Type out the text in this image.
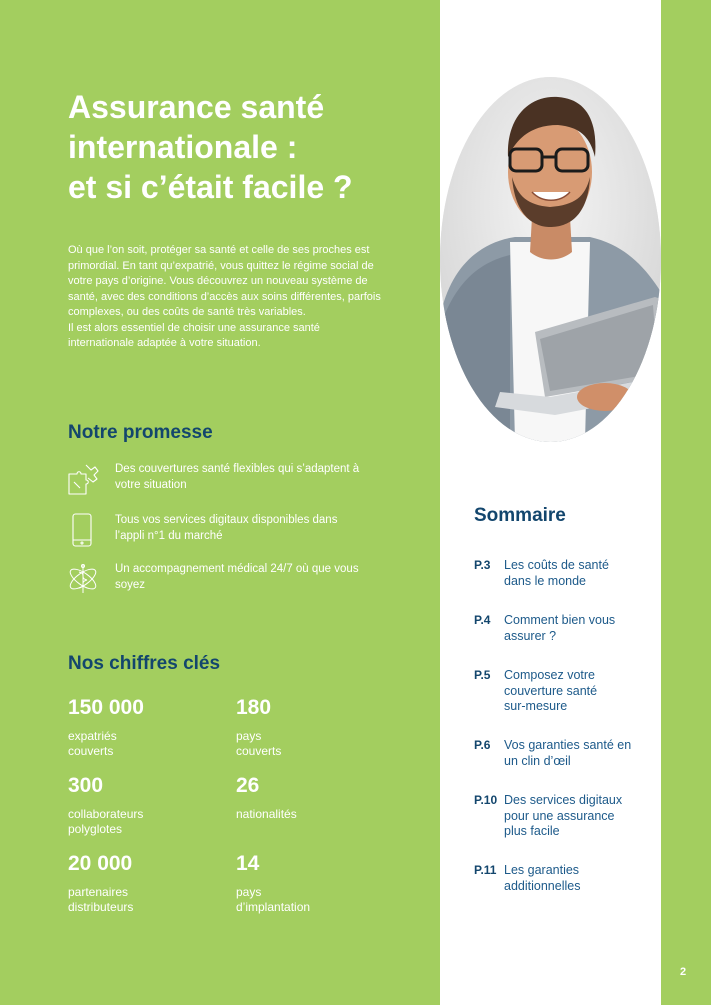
Assurance santé
internationale :
et si c’était facile ?

Où que l’on soit, protéger sa santé et celle de ses proches est primordial. En tant qu’expatrié, vous quittez le régime social de votre pays d’origine. Vous découvrez un nouveau système de santé, avec des conditions d’accès aux soins différentes, parfois complexes, ou des coûts de santé très variables.

Il est alors essentiel de choisir une assurance santé internationale adaptée à votre situation.

Notre promesse
Des couvertures santé flexibles qui s’adaptent à votre situation
Tous vos services digitaux disponibles dans l’appli n°1 du marché
Un accompagnement médical 24/7 où que vous soyez
Nos chiffres clés
150 000
expatriés couverts
180
pays couverts
300
collaborateurs polyglotes
26
nationalités
20 000
partenaires distributeurs
14
pays d’implantation
Sommaire
P.3 Les coûts de santé dans le monde
P.4 Comment bien vous assurer ?
P.5 Composez votre couverture santé sur-mesure
P.6 Vos garanties santé en un clin d’œil
P.10 Des services digitaux pour une assurance plus facile
P.11 Les garanties additionnelles
2
